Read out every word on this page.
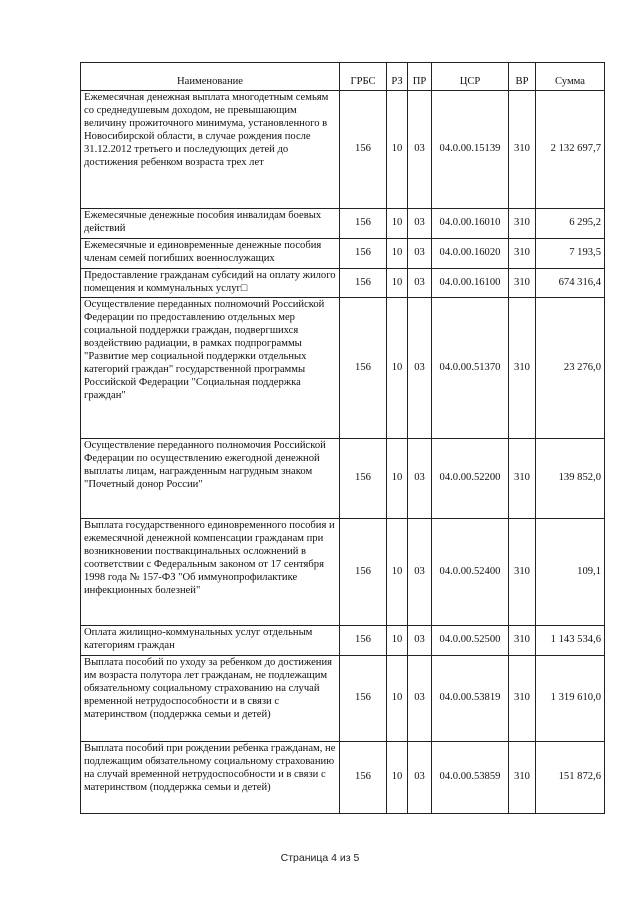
Наименование	ГРБС	РЗ	ПР	ЦСР	ВР	Сумма
Ежемесячная денежная выплата многодетным семьям со среднедушевым доходом, не превышающим величину прожиточного минимума, установленного в Новосибирской области, в случае рождения после 31.12.2012 третьего и последующих детей до достижения ребенком возраста трех лет	156	10	03	04.0.00.15139	310	2 132 697,7
Ежемесячные денежные пособия инвалидам боевых действий	156	10	03	04.0.00.16010	310	6 295,2
Ежемесячные и единовременные денежные пособия членам семей погибших военнослужащих	156	10	03	04.0.00.16020	310	7 193,5
Предоставление гражданам субсидий на оплату жилого помещения и коммунальных услуг□	156	10	03	04.0.00.16100	310	674 316,4
Осуществление переданных полномочий Российской Федерации по предоставлению отдельных мер социальной поддержки граждан, подвергшихся воздействию радиации, в рамках подпрограммы "Развитие мер социальной поддержки отдельных категорий граждан" государственной программы Российской Федерации "Социальная поддержка граждан"	156	10	03	04.0.00.51370	310	23 276,0
Осуществление переданного полномочия Российской Федерации по осуществлению ежегодной денежной выплаты лицам, награжденным нагрудным знаком "Почетный донор России"	156	10	03	04.0.00.52200	310	139 852,0
Выплата государственного единовременного пособия и ежемесячной денежной компенсации гражданам при возникновении поствакцинальных осложнений в соответствии с Федеральным законом от 17 сентября 1998 года № 157-ФЗ "Об иммунопрофилактике инфекционных болезней"	156	10	03	04.0.00.52400	310	109,1
Оплата жилищно-коммунальных услуг отдельным категориям граждан	156	10	03	04.0.00.52500	310	1 143 534,6
Выплата пособий по уходу за ребенком до достижения им возраста полутора лет гражданам, не подлежащим обязательному социальному страхованию на случай временной нетрудоспособности и в связи с материнством (поддержка семьи и детей)	156	10	03	04.0.00.53819	310	1 319 610,0
Выплата пособий при рождении ребенка гражданам, не подлежащим обязательному социальному страхованию на случай временной нетрудоспособности и в связи с материнством (поддержка семьи и детей)	156	10	03	04.0.00.53859	310	151 872,6
Страница 4 из 5
